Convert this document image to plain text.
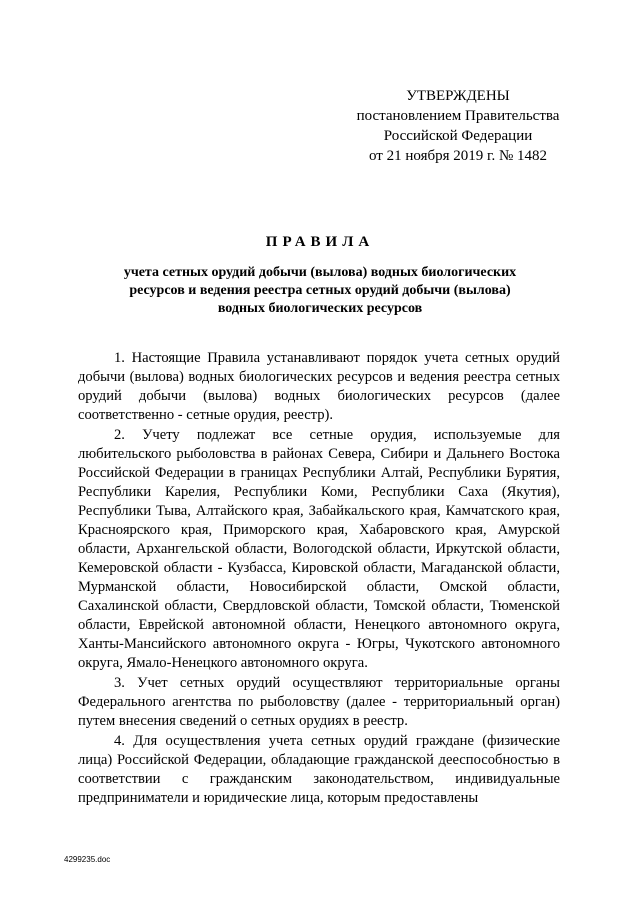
УТВЕРЖДЕНЫ
постановлением Правительства
Российской Федерации
от 21 ноября 2019 г. № 1482
ПРАВИЛА
учета сетных орудий добычи (вылова) водных биологических
ресурсов и ведения реестра сетных орудий добычи (вылова)
водных биологических ресурсов

1. Настоящие Правила устанавливают порядок учета сетных орудий добычи (вылова) водных биологических ресурсов и ведения реестра сетных орудий добычи (вылова) водных биологических ресурсов (далее соответственно - сетные орудия, реестр).

2. Учету подлежат все сетные орудия, используемые для любительского рыболовства в районах Севера, Сибири и Дальнего Востока Российской Федерации в границах Республики Алтай, Республики Бурятия, Республики Карелия, Республики Коми, Республики Саха (Якутия), Республики Тыва, Алтайского края, Забайкальского края, Камчатского края, Красноярского края, Приморского края, Хабаровского края, Амурской области, Архангельской области, Вологодской области, Иркутской области, Кемеровской области - Кузбасса, Кировской области, Магаданской области, Мурманской области, Новосибирской области, Омской области, Сахалинской области, Свердловской области, Томской области, Тюменской области, Еврейской автономной области, Ненецкого автономного округа, Ханты-Мансийского автономного округа - Югры, Чукотского автономного округа, Ямало-Ненецкого автономного округа.

3. Учет сетных орудий осуществляют территориальные органы Федерального агентства по рыболовству (далее - территориальный орган) путем внесения сведений о сетных орудиях в реестр.

4. Для осуществления учета сетных орудий граждане (физические лица) Российской Федерации, обладающие гражданской дееспособностью в соответствии с гражданским законодательством, индивидуальные предприниматели и юридические лица, которым предоставлены

4299235.doc
